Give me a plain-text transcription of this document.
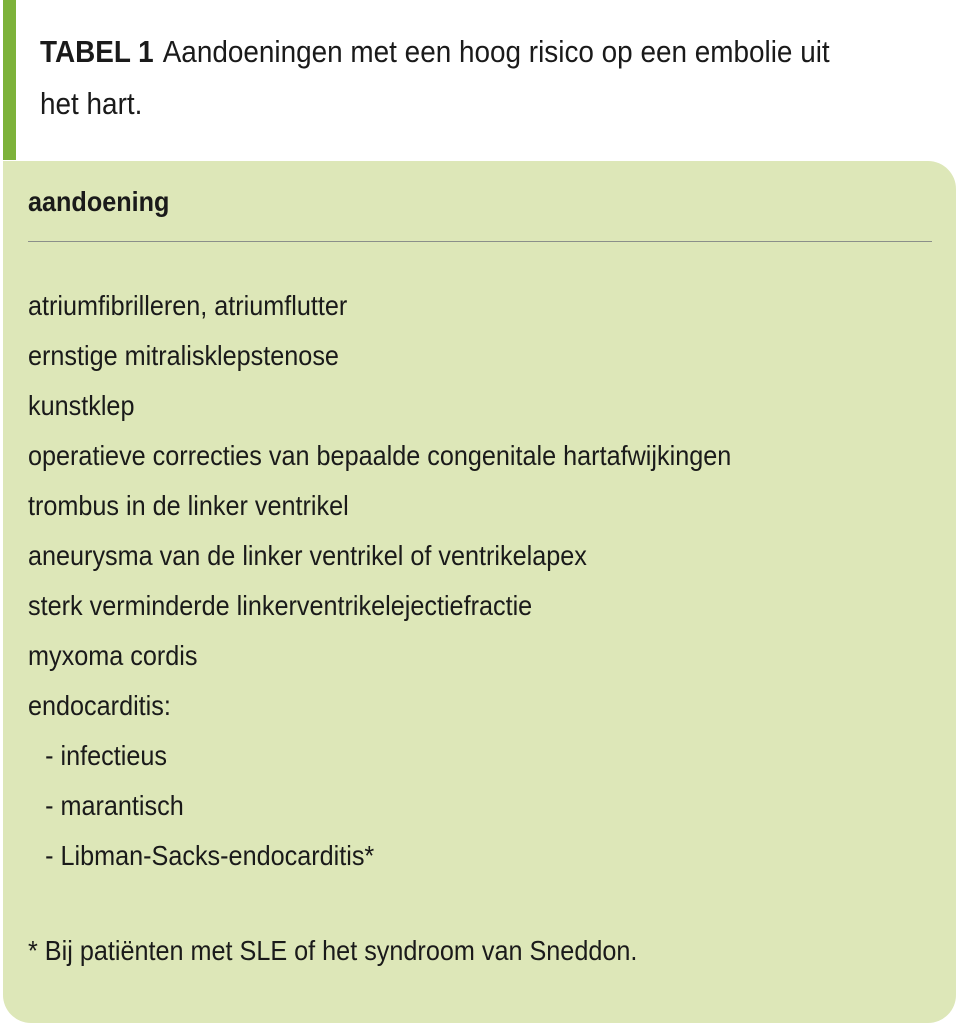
TABEL 1 Aandoeningen met een hoog risico op een embolie uit het hart.
aandoening
atriumfibrilleren, atriumflutter
ernstige mitralisklepstenose
kunstklep
operatieve correcties van bepaalde congenitale hartafwijkingen
trombus in de linker ventrikel
aneurysma van de linker ventrikel of ventrikelapex
sterk verminderde linkerventrikelejectiefractie
myxoma cordis
endocarditis:
- infectieus
- marantisch
- Libman-Sacks-endocarditis*
* Bij patiënten met SLE of het syndroom van Sneddon.
